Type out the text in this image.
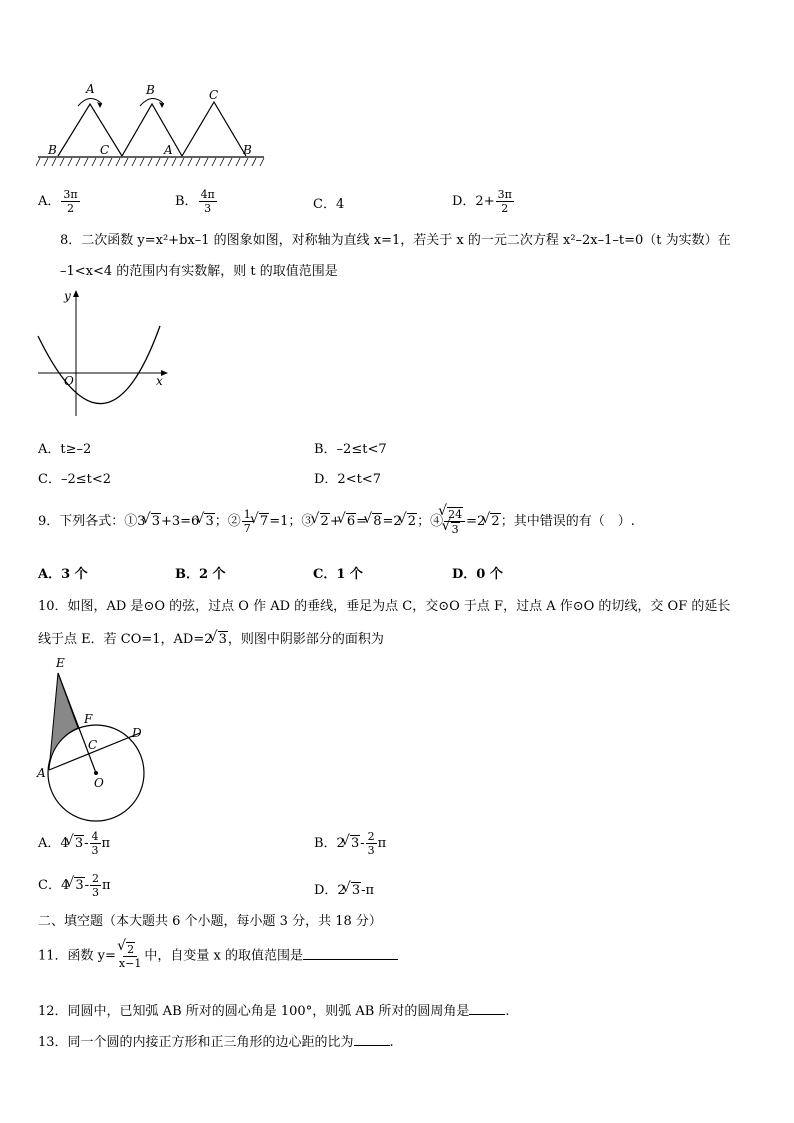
A
B	C
B	C
A	B
A． $\frac{3\pi}{2}$	B． $\frac{4\pi}{3}$	C．4	D．$2+ \frac{3\pi}{2}$
8．二次函数 y=x²+bx–1 的图象如图，对称轴为直线 x=1，若关于 x 的一元二次方程 x²–2x–1–t=0（t 为实数）在
–1<x<4 的范围内有实数解，则 t 的取值范围是
y
x
O
A．t≥–2	B．–2≤t<7
C．–2≤t<2	D．2<t<7
9．下列各式：①3 √ 3+3=6 √ 3；② $\frac{1}{7}$ √ 7=1；③ √ 2+ √ 6= √ 8=2 √ 2；④ √ 24
√ 3 =2 √ 2；其中错误的有（　）.
A．3 个	B．2 个	C．1 个	D．0 个
10．如图，AD 是⊙O 的弦，过点 O 作 AD 的垂线，垂足为点 C，交⊙O 于点 F，过点 A 作⊙O 的切线，交 OF 的延长
线于点 E．若 CO=1，AD=2 √ 3，则图中阴影部分的面积为
E
F
C
D
A
O
A．4 √ $3- \frac{4}{3}$ π	B．2 √ $3- \frac{2}{3}$ π
C．4 √ $3- \frac{2}{3}$ π	D．2 √ 3-π
二、填空题（本大题共 6 个小题，每小题 3 分，共 18 分）
11．函数 y= √ $\frac{2}{x-1}$ 中，自变量 x 的取值范围是
12．同圆中，已知弧 AB 所对的圆心角是 100°，则弧 AB 所对的圆周角是	.
13．同一个圆的内接正方形和正三角形的边心距的比为	.
